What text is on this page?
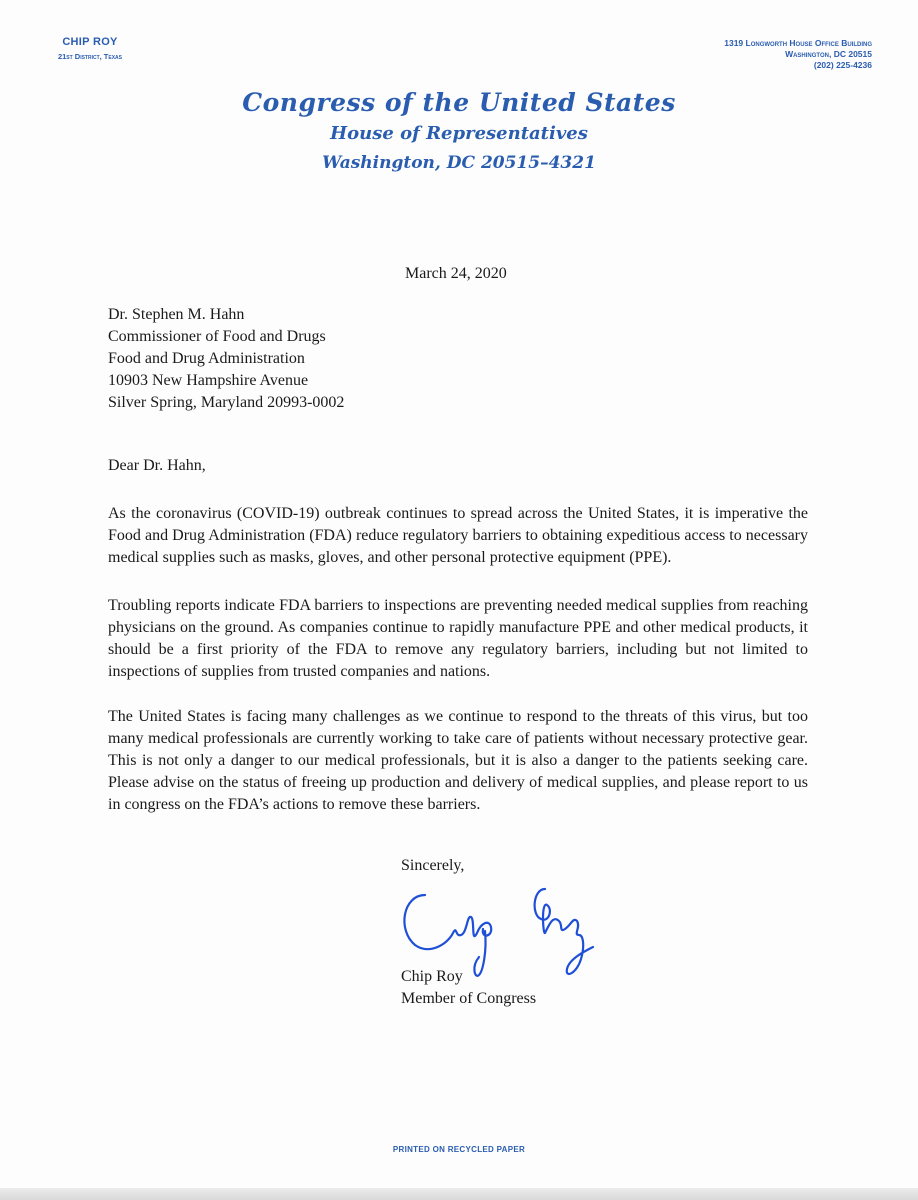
CHIP ROY
21st District, Texas
1319 Longworth House Office Building
Washington, DC 20515
(202) 225-4236
Congress of the United States
House of Representatives
Washington, DC 20515–4321
March 24, 2020
Dr. Stephen M. Hahn
Commissioner of Food and Drugs
Food and Drug Administration
10903 New Hampshire Avenue
Silver Spring, Maryland 20993-0002
Dear Dr. Hahn,
As the coronavirus (COVID-19) outbreak continues to spread across the United States, it is imperative the Food and Drug Administration (FDA) reduce regulatory barriers to obtaining expeditious access to necessary medical supplies such as masks, gloves, and other personal protective equipment (PPE).
Troubling reports indicate FDA barriers to inspections are preventing needed medical supplies from reaching physicians on the ground. As companies continue to rapidly manufacture PPE and other medical products, it should be a first priority of the FDA to remove any regulatory barriers, including but not limited to inspections of supplies from trusted companies and nations.
The United States is facing many challenges as we continue to respond to the threats of this virus, but too many medical professionals are currently working to take care of patients without necessary protective gear. This is not only a danger to our medical professionals, but it is also a danger to the patients seeking care. Please advise on the status of freeing up production and delivery of medical supplies, and please report to us in congress on the FDA’s actions to remove these barriers.
Sincerely,
Chip Roy
Member of Congress
PRINTED ON RECYCLED PAPER
